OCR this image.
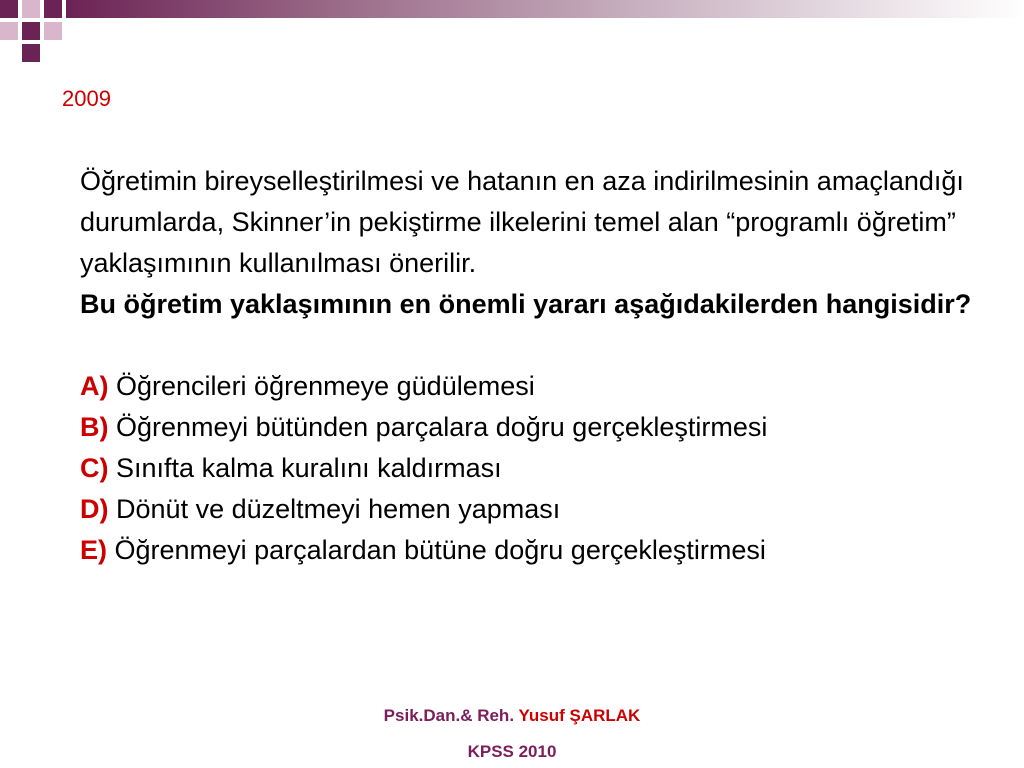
2009

Öğretimin bireyselleştirilmesi ve hatanın en aza indirilmesinin amaçlandığı durumlarda, Skinner’in pekiştirme ilkelerini temel alan “programlı öğretim” yaklaşımının kullanılması önerilir.

Bu öğretim yaklaşımının en önemli yararı aşağıdakilerden hangisidir?

A) Öğrencileri öğrenmeye güdülemesi

B) Öğrenmeyi bütünden parçalara doğru gerçekleştirmesi

C) Sınıfta kalma kuralını kaldırması

D) Dönüt ve düzeltmeyi hemen yapması

E) Öğrenmeyi parçalardan bütüne doğru gerçekleştirmesi

Psik.Dan.& Reh. Yusuf ŞARLAK
KPSS 2010
